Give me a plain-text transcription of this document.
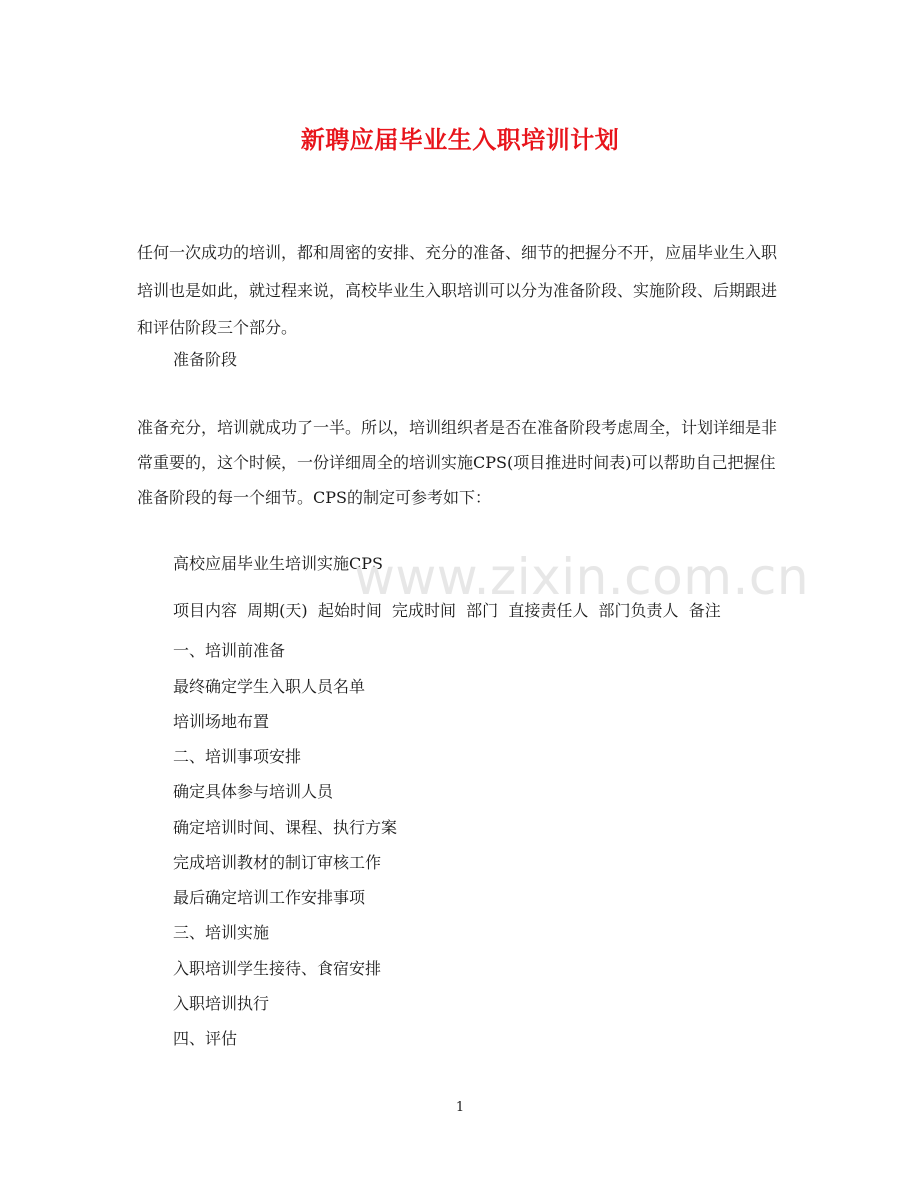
新聘应届毕业生入职培训计划

任何一次成功的培训，都和周密的安排、充分的准备、细节的把握分不开，应届毕业生入职培训也是如此，就过程来说，高校毕业生入职培训可以分为准备阶段、实施阶段、后期跟进和评估阶段三个部分。

准备阶段

准备充分，培训就成功了一半。所以，培训组织者是否在准备阶段考虑周全，计划详细是非常重要的，这个时候，一份详细周全的培训实施CPS(项目推进时间表)可以帮助自己把握住准备阶段的每一个细节。CPS的制定可参考如下：

高校应届毕业生培训实施CPS
项目内容  周期(天)  起始时间  完成时间  部门  直接责任人  部门负责人  备注
一、培训前准备
最终确定学生入职人员名单
培训场地布置
二、培训事项安排
确定具体参与培训人员
确定培训时间、课程、执行方案
完成培训教材的制订审核工作
最后确定培训工作安排事项
三、培训实施
入职培训学生接待、食宿安排
入职培训执行
四、评估
www.zixin.com.cn
1
